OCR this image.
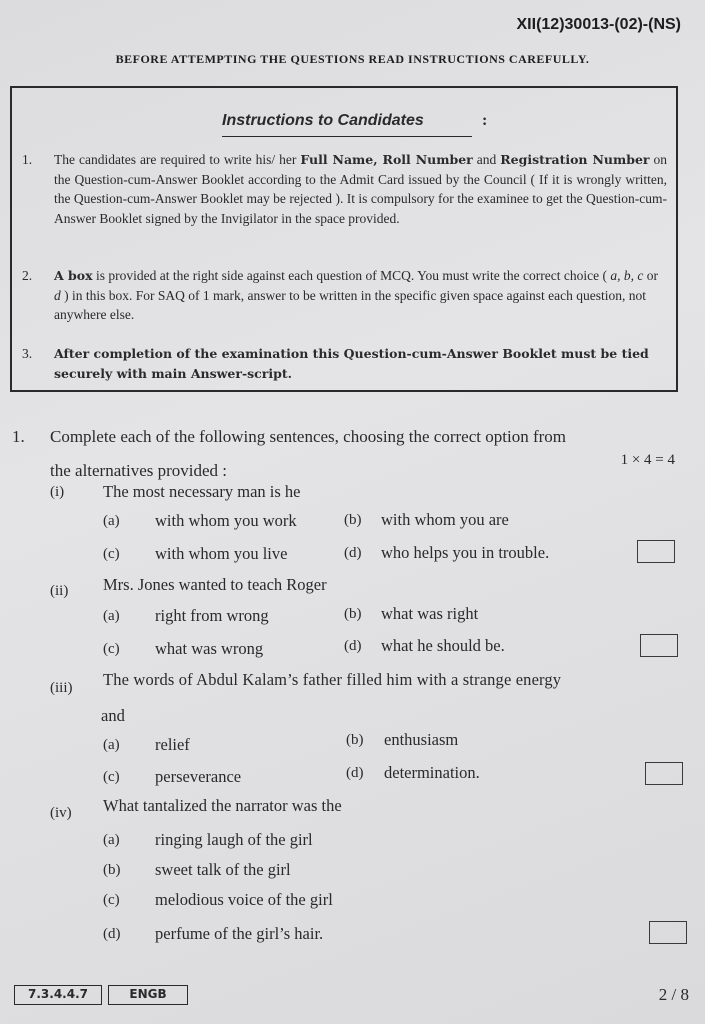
XII(12)30013-(02)-(NS)
BEFORE ATTEMPTING THE QUESTIONS READ INSTRUCTIONS CAREFULLY.
Instructions to Candidates	:
1. The candidates are required to write his/ her Full Name, Roll Number and Registration Number on the Question-cum-Answer Booklet according to the Admit Card issued by the Council ( If it is wrongly written, the Question-cum-Answer Booklet may be rejected ). It is compulsory for the examinee to get the Question-cum-Answer Booklet signed by the Invigilator in the space provided.
2. A box is provided at the right side against each question of MCQ. You must write the correct choice ( a, b, c or d ) in this box. For SAQ of 1 mark, answer to be written in the specific given space against each question, not anywhere else.
3. After completion of the examination this Question-cum-Answer Booklet must be tied securely with main Answer-script.
1. Complete each of the following sentences, choosing the correct option from
the alternatives provided :
1 × 4 = 4
(i) The most necessary man is he
(a) with whom you work	(b) with whom you are
(c) with whom you live	(d) who helps you in trouble.
(ii) Mrs. Jones wanted to teach Roger
(a) right from wrong	(b) what was right
(c) what was wrong	(d) what he should be.
(iii) The words of Abdul Kalam’s father filled him with a strange energy
and
(a) relief	(b) enthusiasm
(c) perseverance	(d) determination.
(iv) What tantalized the narrator was the
(a) ringing laugh of the girl
(b) sweet talk of the girl
(c) melodious voice of the girl
(d) perfume of the girl’s hair.
7.3.4.4.7	ENGB	2 / 8
